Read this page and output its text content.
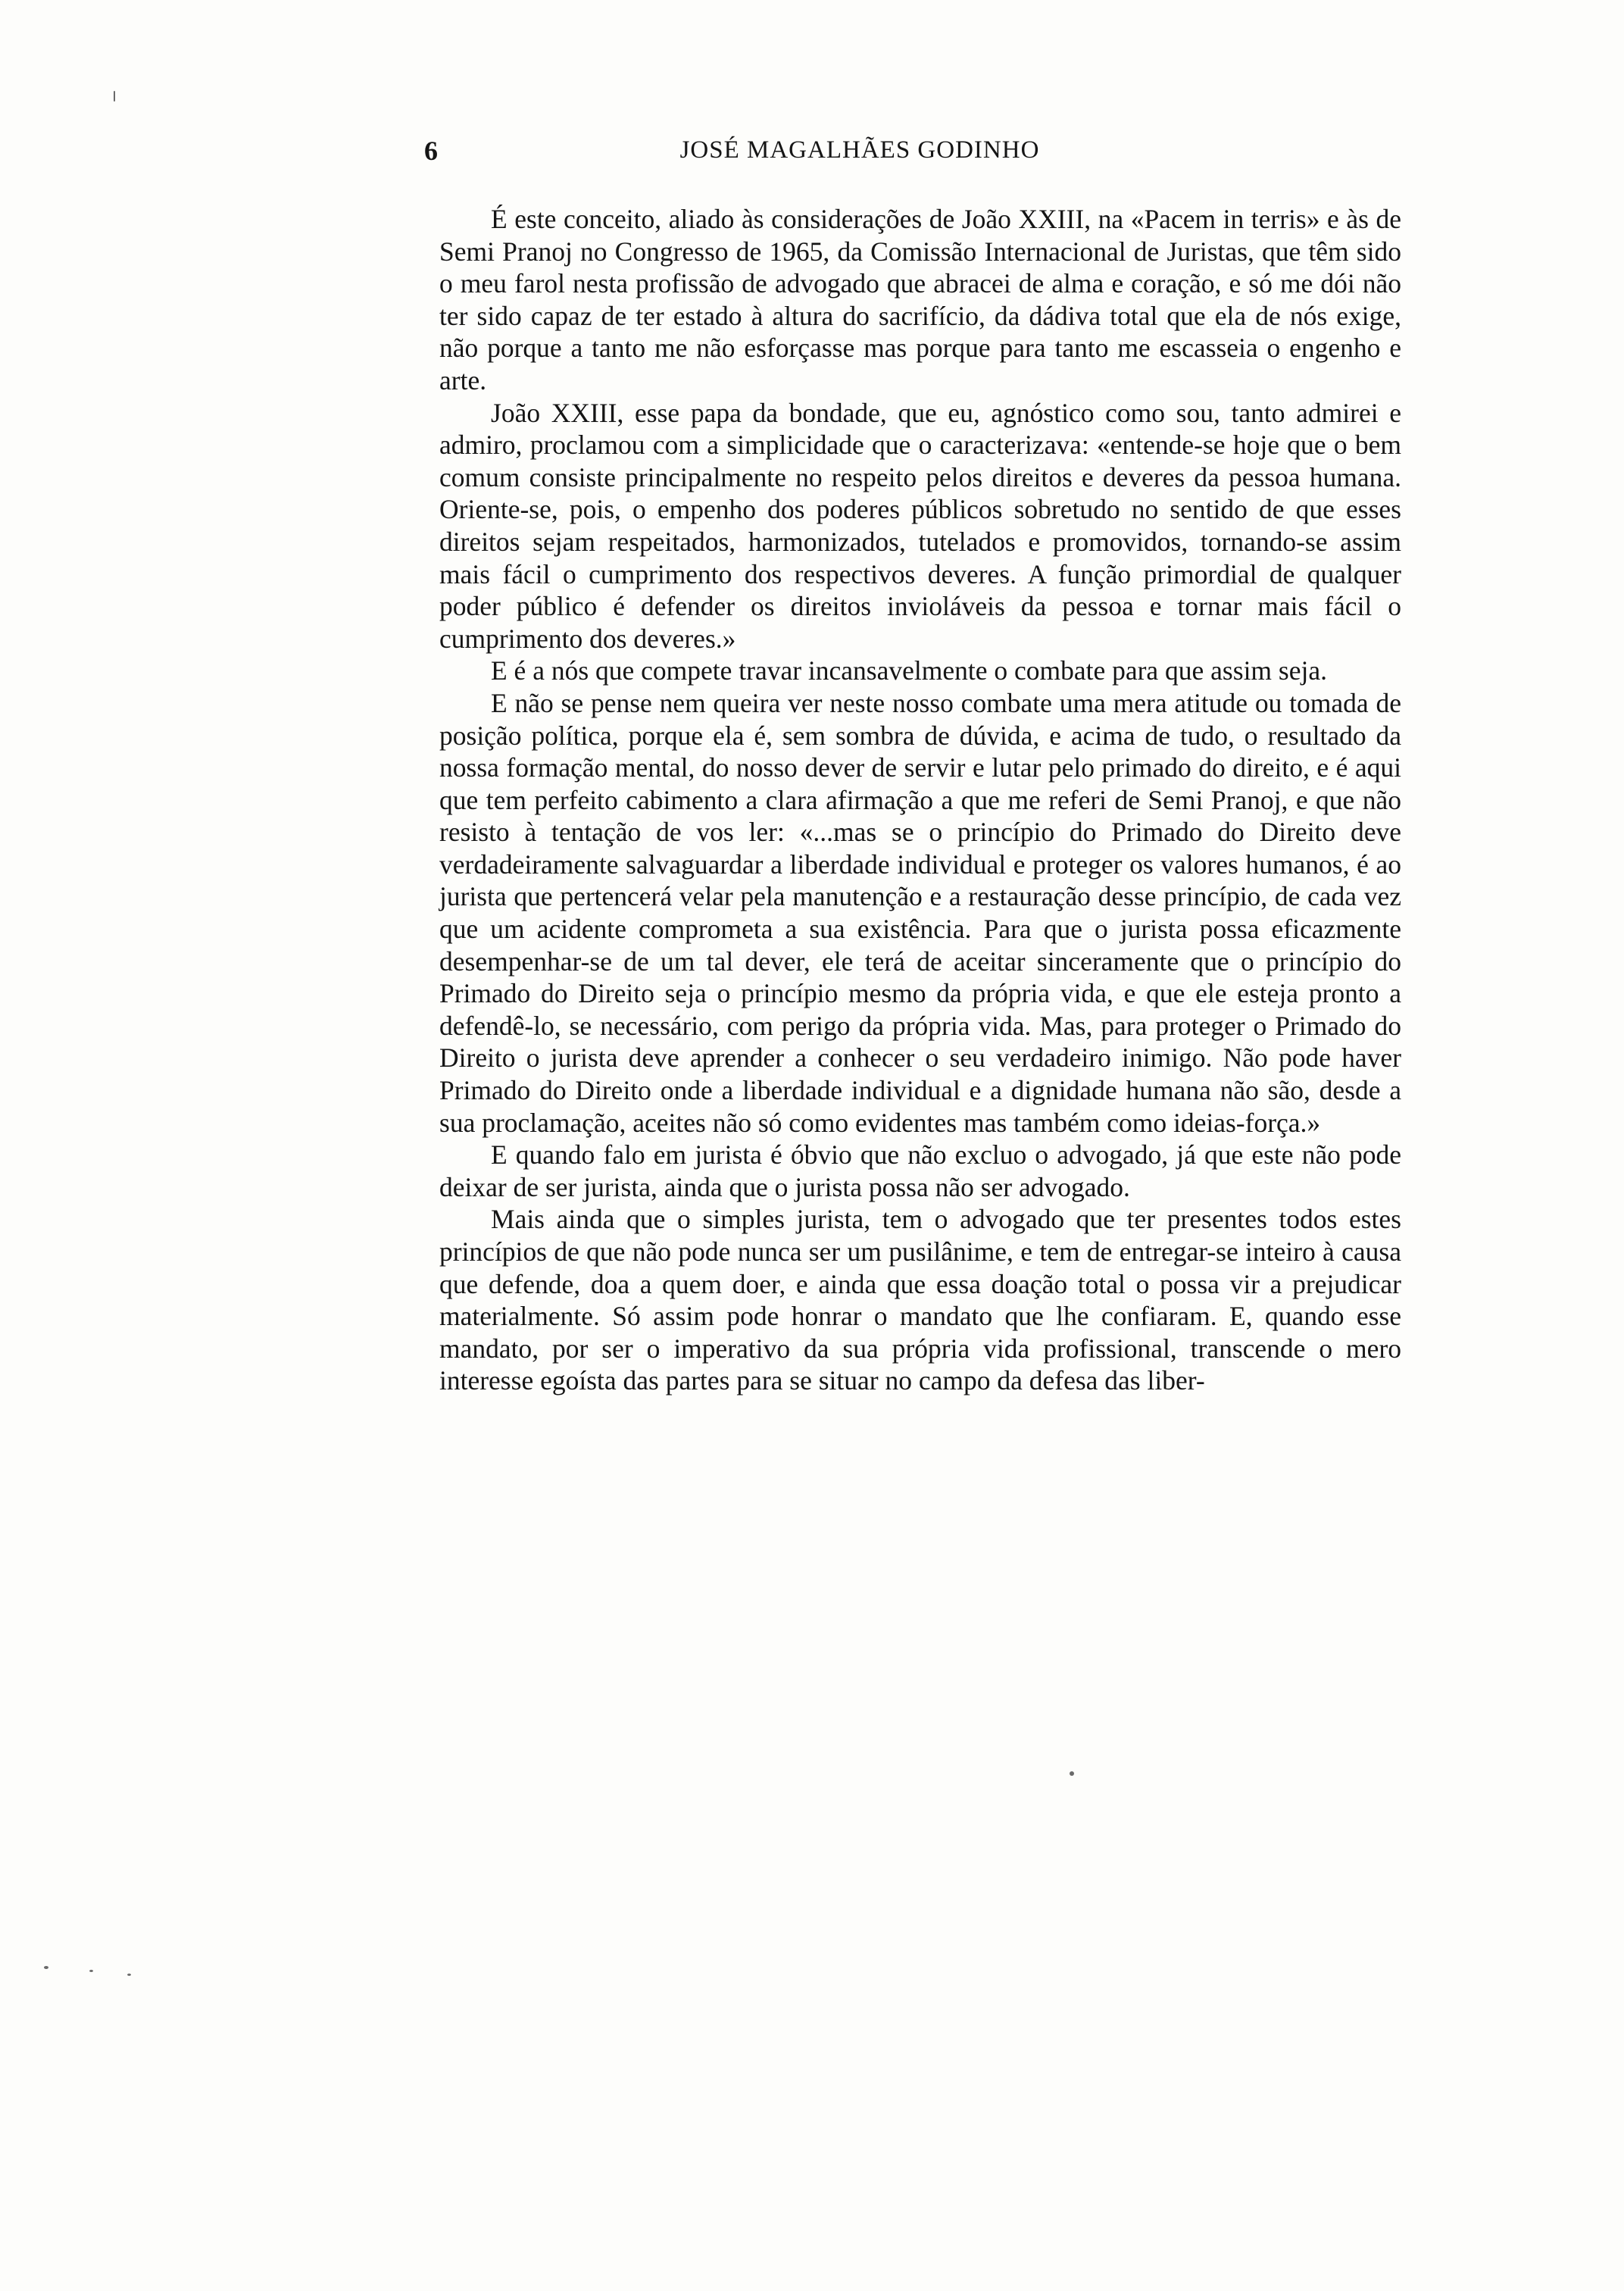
6	JOSÉ MAGALHÃES GODINHO

É este conceito, aliado às considerações de João XXIII, na «Pacem in terris» e às de Semi Pranoj no Congresso de 1965, da Comissão Internacional de Juristas, que têm sido o meu farol nesta profissão de advogado que abracei de alma e coração, e só me dói não ter sido capaz de ter estado à altura do sacrifício, da dádiva total que ela de nós exige, não porque a tanto me não esforçasse mas porque para tanto me escasseia o engenho e arte.

João XXIII, esse papa da bondade, que eu, agnóstico como sou, tanto admirei e admiro, proclamou com a simplicidade que o caracterizava: «entende-se hoje que o bem comum consiste principalmente no respeito pelos direitos e deveres da pessoa humana. Oriente-se, pois, o empenho dos poderes públicos sobretudo no sentido de que esses direitos sejam respeitados, harmonizados, tutelados e promovidos, tornando-se assim mais fácil o cumprimento dos respectivos deveres. A função primordial de qualquer poder público é defender os direitos invioláveis da pessoa e tornar mais fácil o cumprimento dos deveres.»

E é a nós que compete travar incansavelmente o combate para que assim seja.

E não se pense nem queira ver neste nosso combate uma mera atitude ou tomada de posição política, porque ela é, sem sombra de dúvida, e acima de tudo, o resultado da nossa formação mental, do nosso dever de servir e lutar pelo primado do direito, e é aqui que tem perfeito cabimento a clara afirmação a que me referi de Semi Pranoj, e que não resisto à tentação de vos ler: «...mas se o princípio do Primado do Direito deve verdadeiramente salvaguardar a liberdade individual e proteger os valores humanos, é ao jurista que pertencerá velar pela manutenção e a restauração desse princípio, de cada vez que um acidente comprometa a sua existência. Para que o jurista possa eficazmente desempenhar-se de um tal dever, ele terá de aceitar sinceramente que o princípio do Primado do Direito seja o princípio mesmo da própria vida, e que ele esteja pronto a defendê-lo, se necessário, com perigo da própria vida. Mas, para proteger o Primado do Direito o jurista deve aprender a conhecer o seu verdadeiro inimigo. Não pode haver Primado do Direito onde a liberdade individual e a dignidade humana não são, desde a sua proclamação, aceites não só como evidentes mas também como ideias-força.»

E quando falo em jurista é óbvio que não excluo o advogado, já que este não pode deixar de ser jurista, ainda que o jurista possa não ser advogado.

Mais ainda que o simples jurista, tem o advogado que ter presentes todos estes princípios de que não pode nunca ser um pusilânime, e tem de entregar-se inteiro à causa que defende, doa a quem doer, e ainda que essa doação total o possa vir a prejudicar materialmente. Só assim pode honrar o mandato que lhe confiaram. E, quando esse mandato, por ser o imperativo da sua própria vida profissional, transcende o mero interesse egoísta das partes para se situar no campo da defesa das liber-
